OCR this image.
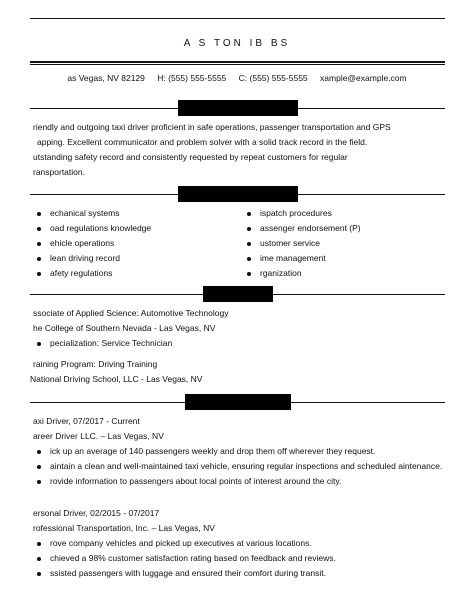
A S TON IB BS
as Vegas, NV 82129 H: (555) 555-5555 C: (555) 555-5555 xample@example.com
riendly and outgoing taxi driver proficient in safe operations, passenger transportation and GPS
apping. Excellent communicator and problem solver with a solid track record in the field.
utstanding safety record and consistently requested by repeat customers for regular
ransportation.
echanical systems
oad regulations knowledge
ehicle operations
lean driving record
afety regulations
ispatch procedures
assenger endorsement (P)
ustomer service
ime management
rganization
ssociate of Applied Science: Automotive Technology
he College of Southern Nevada - Las Vegas, NV
pecialization: Service Technician
raining Program: Driving Training
National Driving School, LLC - Las Vegas, NV
axi Driver, 07/2017 - Current
areer Driver LLC. – Las Vegas, NV
ick up an average of 140 passengers weekly and drop them off wherever they request.
aintain a clean and well-maintained taxi vehicle, ensuring regular inspections and scheduled aintenance.
rovide information to passengers about local points of interest around the city.
ersonal Driver, 02/2015 - 07/2017
rofessional Transportation, Inc. – Las Vegas, NV
rove company vehicles and picked up executives at various locations.
chieved a 98% customer satisfaction rating based on feedback and reviews.
ssisted passengers with luggage and ensured their comfort during transit.
